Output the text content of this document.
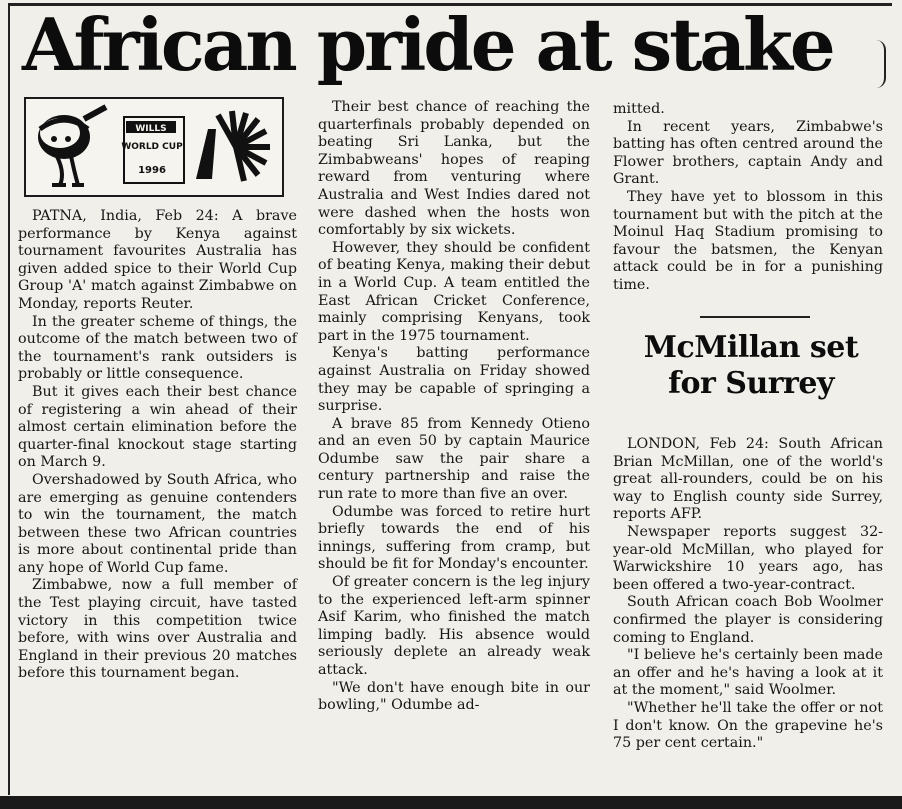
African pride at stake
WILLS
WORLD CUP
1996

PATNA, India, Feb 24: A brave performance by Kenya against tournament favourites Australia has given added spice to their World Cup Group 'A' match against Zimbabwe on Monday, reports Reuter.

In the greater scheme of things, the outcome of the match between two of the tournament's rank outsiders is probably or little consequence.

But it gives each their best chance of registering a win ahead of their almost certain elimination before the quarter-final knockout stage starting on March 9.

Overshadowed by South Africa, who are emerging as genuine contenders to win the tournament, the match between these two African countries is more about continental pride than any hope of World Cup fame.

Zimbabwe, now a full member of the Test playing circuit, have tasted victory in this competition twice before, with wins over Australia and England in their previous 20 matches before this tournament began.

Their best chance of reaching the quarterfinals probably depended on beating Sri Lanka, but the Zimbabweans' hopes of reaping reward from venturing where Australia and West Indies dared not were dashed when the hosts won comfortably by six wickets.

However, they should be confident of beating Kenya, making their debut in a World Cup. A team entitled the East African Cricket Conference, mainly comprising Kenyans, took part in the 1975 tournament.

Kenya's batting performance against Australia on Friday showed they may be capable of springing a surprise.

A brave 85 from Kennedy Otieno and an even 50 by captain Maurice Odumbe saw the pair share a century partnership and raise the run rate to more than five an over.

Odumbe was forced to retire hurt briefly towards the end of his innings, suffering from cramp, but should be fit for Monday's encounter.

Of greater concern is the leg injury to the experienced left-arm spinner Asif Karim, who finished the match limping badly. His absence would seriously deplete an already weak attack.

"We don't have enough bite in our bowling," Odumbe ad-

mitted.

In recent years, Zimbabwe's batting has often centred around the Flower brothers, captain Andy and Grant.

They have yet to blossom in this tournament but with the pitch at the Moinul Haq Stadium promising to favour the batsmen, the Kenyan attack could be in for a punishing time.

McMillan set for Surrey

LONDON, Feb 24: South African Brian McMillan, one of the world's great all-rounders, could be on his way to English county side Surrey, reports AFP.

Newspaper reports suggest 32-year-old McMillan, who played for Warwickshire 10 years ago, has been offered a two-year-contract.

South African coach Bob Woolmer confirmed the player is considering coming to England.

"I believe he's certainly been made an offer and he's having a look at it at the moment," said Woolmer.

"Whether he'll take the offer or not I don't know. On the grapevine he's 75 per cent certain."
